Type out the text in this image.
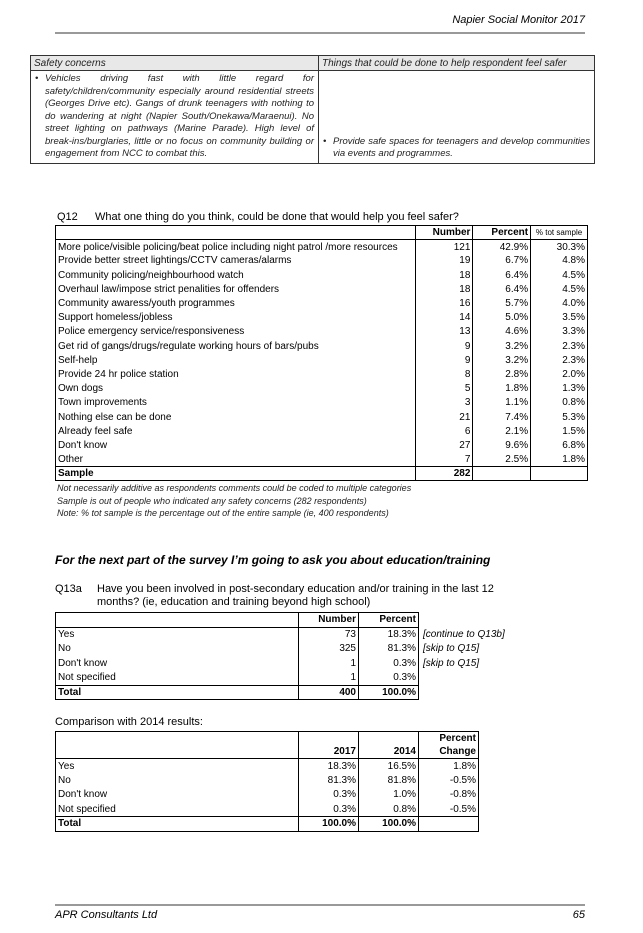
Napier Social Monitor 2017
Safety concerns	Things that could be done to help respondent feel safer

• Vehicles driving fast with little regard for safety/children/community especially around residential streets (Georges Drive etc). Gangs of drunk teenagers with nothing to do wandering at night (Napier South/Onekawa/Maraenui). No street lighting on pathways (Marine Parade). High level of break-ins/burglaries, little or no focus on community building or engagement from NCC to combat this.	• Provide safe spaces for teenagers and develop communities via events and programmes.
Q12 What one thing do you think, could be done that would help you feel safer?
	Number	Percent	% tot sample
More police/visible policing/beat police including night patrol /more resources	121	42.9%	30.3%
Provide better street lightings/CCTV cameras/alarms	19	6.7%	4.8%
Community policing/neighbourhood watch	18	6.4%	4.5%
Overhaul law/impose strict penalities for offenders	18	6.4%	4.5%
Community awaress/youth programmes	16	5.7%	4.0%
Support homeless/jobless	14	5.0%	3.5%
Police emergency service/responsiveness	13	4.6%	3.3%
Get rid of gangs/drugs/regulate working hours of bars/pubs	9	3.2%	2.3%
Self-help	9	3.2%	2.3%
Provide 24 hr police station	8	2.8%	2.0%
Own dogs	5	1.8%	1.3%
Town improvements	3	1.1%	0.8%
Nothing else can be done	21	7.4%	5.3%
Already feel safe	6	2.1%	1.5%
Don't know	27	9.6%	6.8%
Other	7	2.5%	1.8%
Sample	282		
Not necessarily additive as respondents comments could be coded to multiple categories
Sample is out of people who indicated any safety concerns (282 respondents)
Note: % tot sample is the percentage out of the entire sample (ie, 400 respondents)
For the next part of the survey I’m going to ask you about education/training
Q13a Have you been involved in post-secondary education and/or training in the last 12
months? (ie, education and training beyond high school)
	Number	Percent	
Yes	73	18.3%	[continue to Q13b]
No	325	81.3%	[skip to Q15]
Don't know	1	0.3%	[skip to Q15]
Not specified	1	0.3%	
Total	400	100.0%	
Comparison with 2014 results:
	2017	2014	Percent
Change
Yes	18.3%	16.5%	1.8%
No	81.3%	81.8%	-0.5%
Don't know	0.3%	1.0%	-0.8%
Not specified	0.3%	0.8%	-0.5%
Total	100.0%	100.0%	
APR Consultants Ltd	65
